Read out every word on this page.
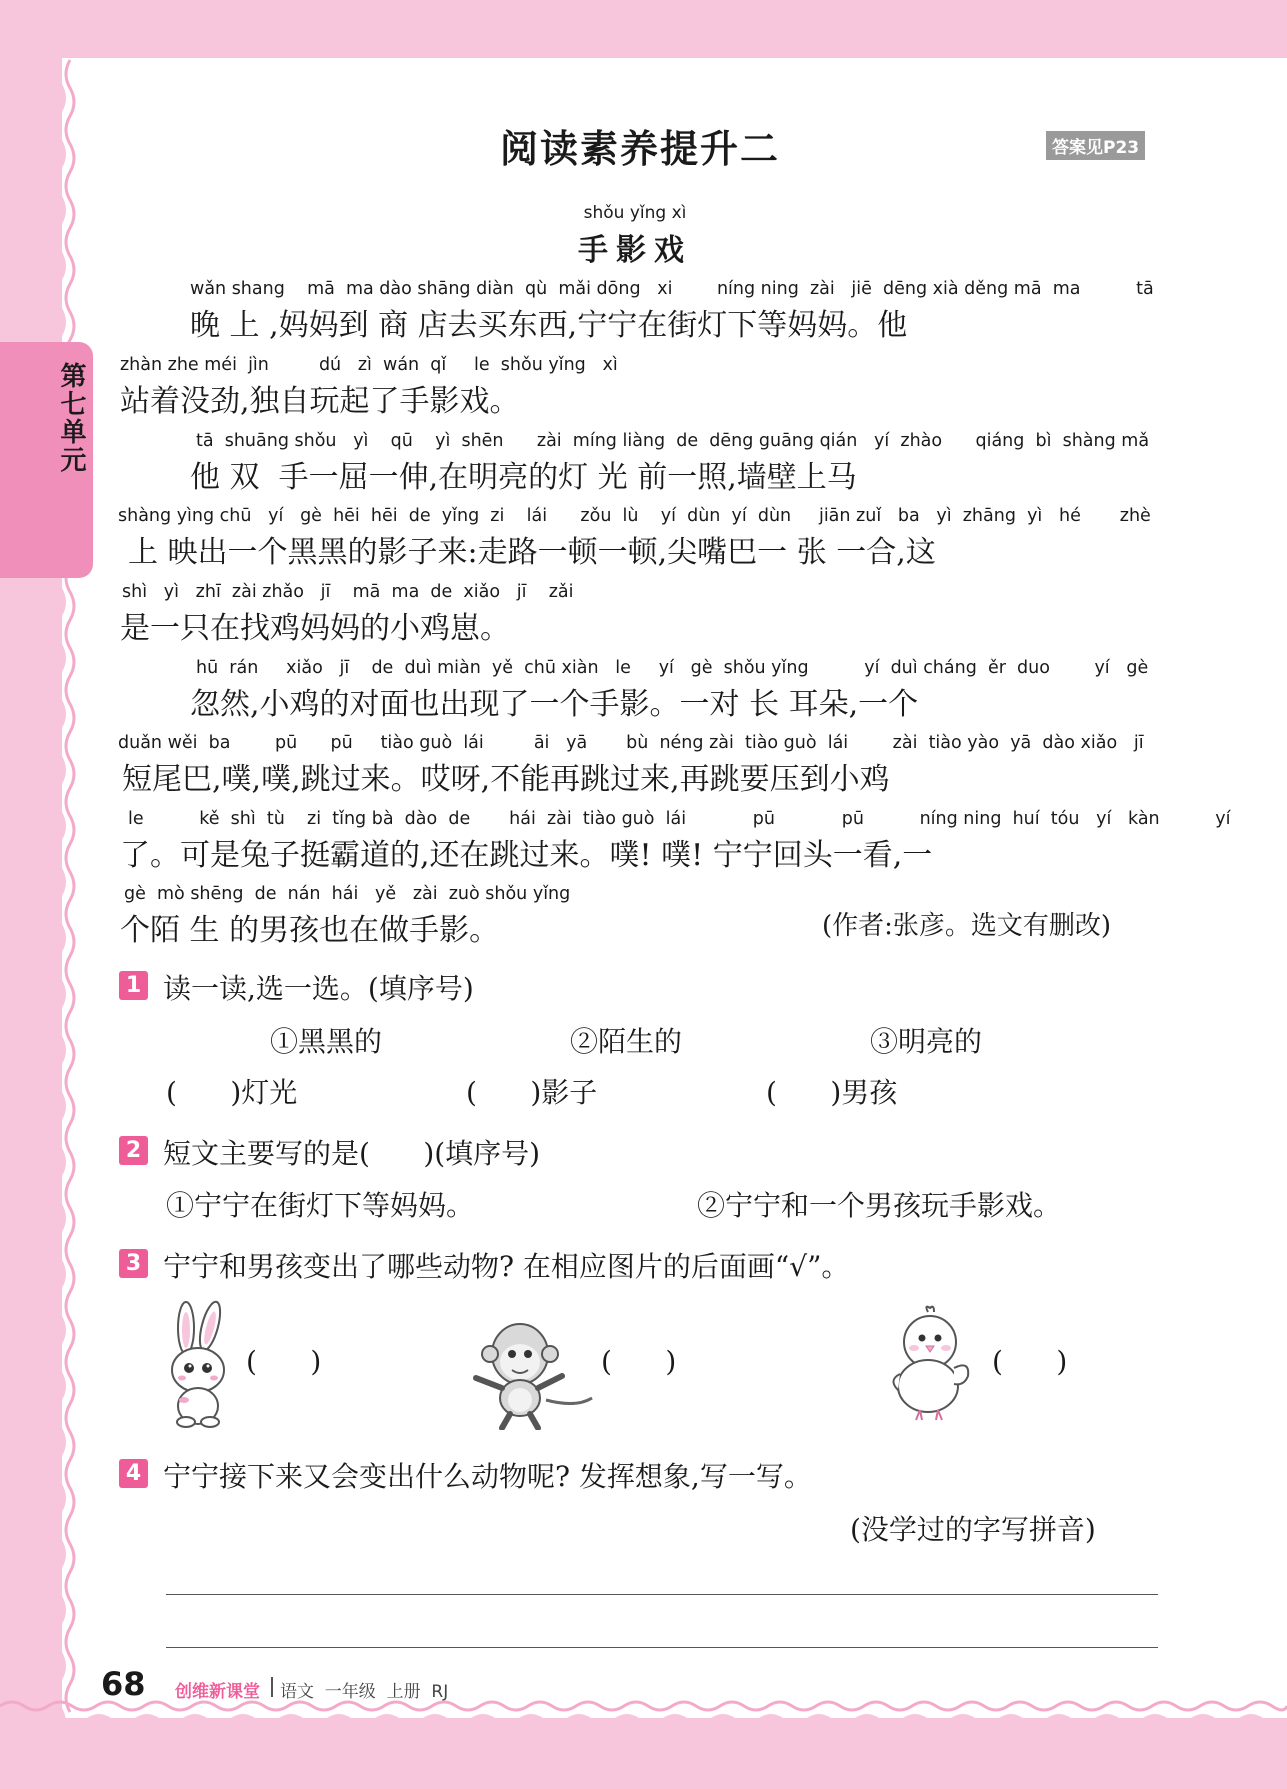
第七单元
阅读素养提升二	答案见P23
shǒu yǐng xì
手影戏
wǎn shang    mā  ma dào shāng diàn  qù  mǎi dōng   xi        níng ning  zài   jiē  dēng xià děng mā  ma          tā
晚 上 ,妈妈到 商 店去买东西,宁宁在街灯下等妈妈。他
zhàn zhe méi  jìn         dú   zì  wán  qǐ     le  shǒu yǐng   xì
站着没劲,独自玩起了手影戏。
tā  shuāng shǒu   yì    qū    yì  shēn      zài  míng liàng  de  dēng guāng qián   yí  zhào      qiáng  bì  shàng mǎ
他 双  手一屈一伸,在明亮的灯 光 前一照,墙壁上马
shàng yìng chū   yí   gè  hēi  hēi  de  yǐng  zi    lái      zǒu  lù    yí  dùn  yí  dùn     jiān zuǐ   ba   yì  zhāng  yì   hé       zhè
上 映出一个黑黑的影子来:走路一顿一顿,尖嘴巴一 张 一合,这
shì   yì   zhī  zài zhǎo   jī    mā  ma  de  xiǎo   jī    zǎi
是一只在找鸡妈妈的小鸡崽。
hū  rán     xiǎo   jī    de  duì miàn  yě  chū xiàn   le     yí   gè  shǒu yǐng          yí  duì cháng  ěr  duo        yí   gè
忽然,小鸡的对面也出现了一个手影。一对 长 耳朵,一个
duǎn wěi  ba        pū      pū     tiào guò  lái         āi   yā       bù  néng zài  tiào guò  lái        zài  tiào yào  yā  dào xiǎo   jī
短尾巴,噗,噗,跳过来。哎呀,不能再跳过来,再跳要压到小鸡
le          kě  shì  tù    zi  tǐng bà  dào  de       hái  zài  tiào guò  lái            pū            pū          níng ning  huí  tóu   yí   kàn          yí
了。可是兔子挺霸道的,还在跳过来。噗! 噗! 宁宁回头一看,一
gè  mò shēng  de  nán  hái   yě   zài  zuò shǒu yǐng
个陌 生 的男孩也在做手影。	(作者:张彦。选文有删改)
1 读一读,选一选。(填序号)
①黑黑的	②陌生的	③明亮的
(      )灯光	(      )影子	(      )男孩
2 短文主要写的是(      )(填序号)
①宁宁在街灯下等妈妈。	②宁宁和一个男孩玩手影戏。
3 宁宁和男孩变出了哪些动物? 在相应图片的后面画“√”。
(      )	(      )	(      )
4 宁宁接下来又会变出什么动物呢? 发挥想象,写一写。
(没学过的字写拼音)
68 创维新课堂 语文  一年级  上册  RJ
